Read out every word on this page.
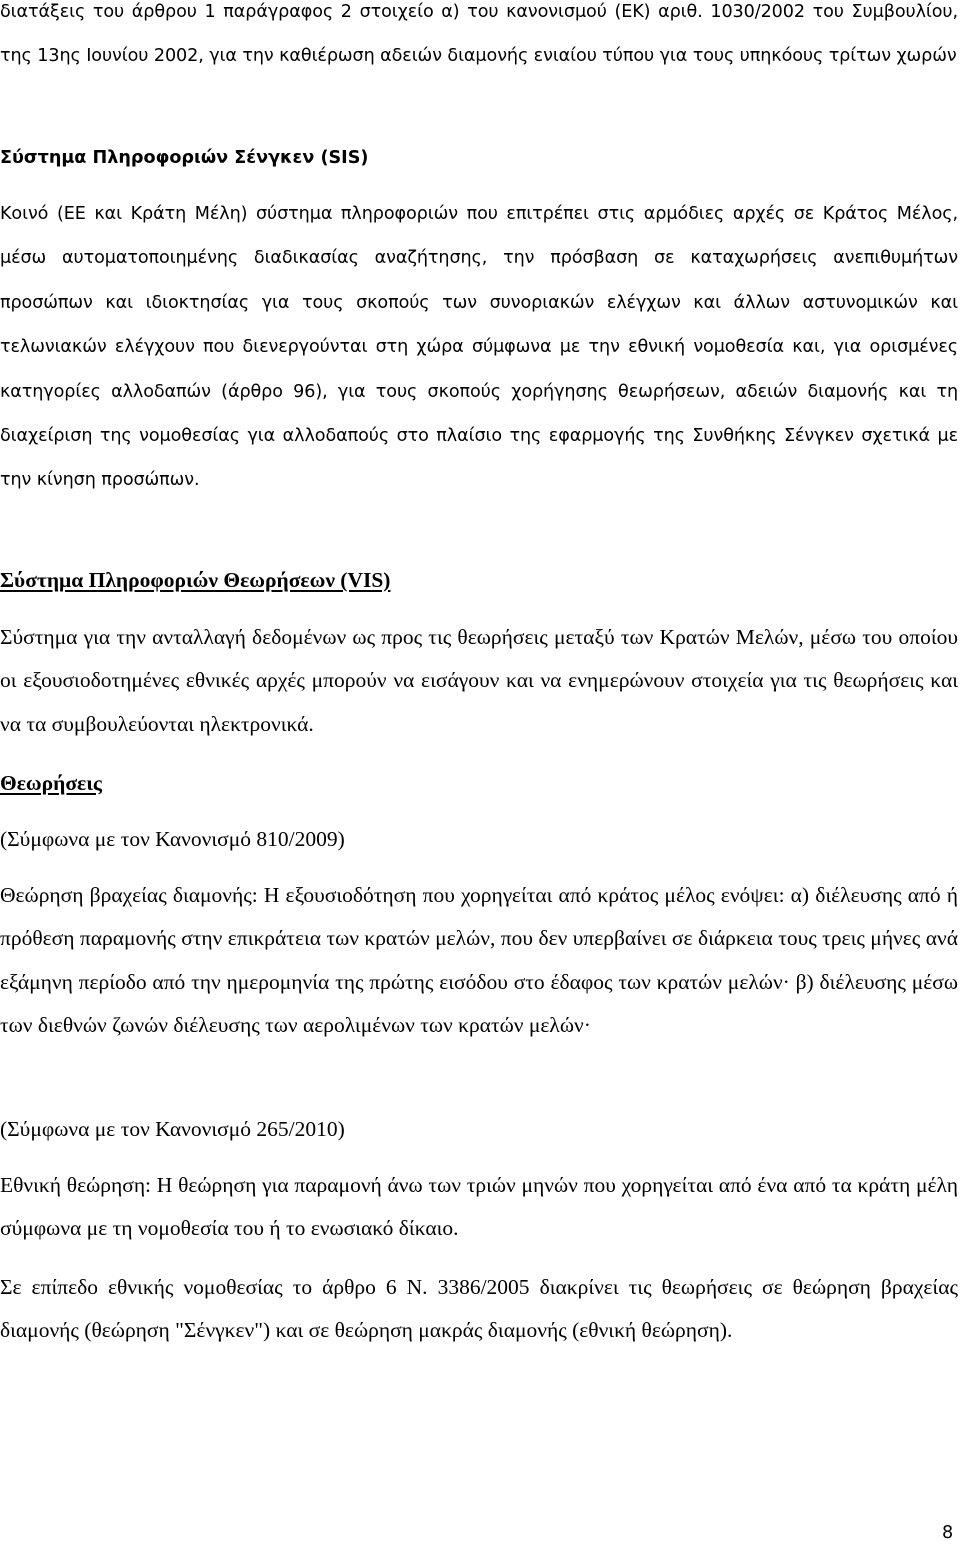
διατάξεις του άρθρου 1 παράγραφος 2 στοιχείο α) του κανονισμού (ΕΚ) αριθ. 1030/2002 του Συμβουλίου, της 13ης Ιουνίου 2002, για την καθιέρωση αδειών διαμονής ενιαίου τύπου για τους υπηκόους τρίτων χωρών

Σύστημα Πληροφοριών Σένγκεν (SIS)

Κοινό (ΕΕ και Κράτη Μέλη) σύστημα πληροφοριών που επιτρέπει στις αρμόδιες αρχές σε Κράτος Μέλος, μέσω αυτοματοποιημένης διαδικασίας αναζήτησης, την πρόσβαση σε καταχωρήσεις ανεπιθυμήτων προσώπων και ιδιοκτησίας για τους σκοπούς των συνοριακών ελέγχων και άλλων αστυνομικών και τελωνιακών ελέγχουν που διενεργούνται στη χώρα σύμφωνα με την εθνική νομοθεσία και, για ορισμένες κατηγορίες αλλοδαπών (άρθρο 96), για τους σκοπούς χορήγησης θεωρήσεων, αδειών διαμονής και τη διαχείριση της νομοθεσίας για αλλοδαπούς στο πλαίσιο της εφαρμογής της Συνθήκης Σένγκεν σχετικά με την κίνηση προσώπων.

Σύστημα Πληροφοριών Θεωρήσεων (VIS)

Σύστημα για την ανταλλαγή δεδομένων ως προς τις θεωρήσεις μεταξύ των Κρατών Μελών, μέσω του οποίου οι εξουσιοδοτημένες εθνικές αρχές μπορούν να εισάγουν και να ενημερώνουν στοιχεία για τις θεωρήσεις και να τα συμβουλεύονται ηλεκτρονικά.

Θεωρήσεις
(Σύμφωνα με τον Κανονισμό 810/2009)

Θεώρηση βραχείας διαμονής: Η εξουσιοδότηση που χορηγείται από κράτος μέλος ενόψει: α) διέλευσης από ή πρόθεση παραμονής στην επικράτεια των κρατών μελών, που δεν υπερβαίνει σε διάρκεια τους τρεις μήνες ανά εξάμηνη περίοδο από την ημερομηνία της πρώτης εισόδου στο έδαφος των κρατών μελών· β) διέλευσης μέσω των διεθνών ζωνών διέλευσης των αερολιμένων των κρατών μελών·

(Σύμφωνα με τον Κανονισμό 265/2010)

Εθνική θεώρηση: Η θεώρηση για παραμονή άνω των τριών μηνών που χορηγείται από ένα από τα κράτη μέλη σύμφωνα με τη νομοθεσία του ή το ενωσιακό δίκαιο.

Σε επίπεδο εθνικής νομοθεσίας το άρθρο 6 Ν. 3386/2005 διακρίνει τις θεωρήσεις σε θεώρηση βραχείας διαμονής (θεώρηση "Σένγκεν") και σε θεώρηση μακράς διαμονής (εθνική θεώρηση).

8
